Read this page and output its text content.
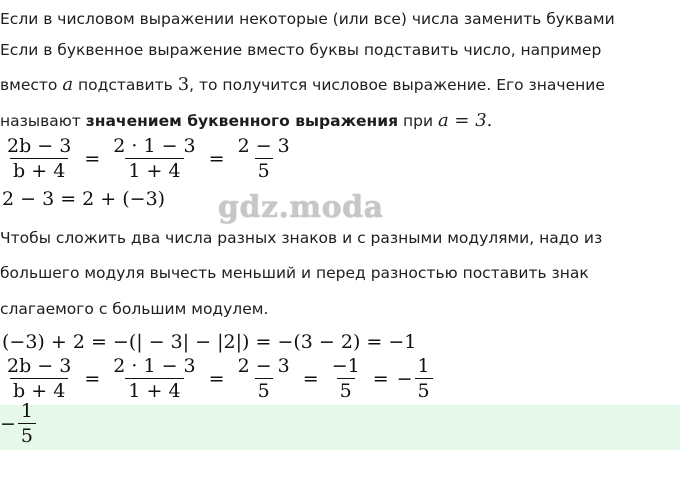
Если в числовом выражении некоторые (или все) числа заменить буквами
Если в буквенное выражение вместо буквы подставить число, например
вместо a подставить 3, то получится числовое выражение. Его значение
называют значением буквенного выражения при a = 3.
$\frac{2b - 3}{b + 4} = \frac{2 \cdot 1 - 3}{1 + 4} = \frac{2 - 3}{5}$
2 − 3 = 2 + (−3) gdz.moda
Чтобы сложить два числа разных знаков и с разными модулями, надо из
большего модуля вычесть меньший и перед разностью поставить знак
слагаемого с большим модулем.
(−3) + 2 = −(| − 3| − |2|) = −(3 − 2) = −1
$\frac{2b - 3}{b + 4} = \frac{2 \cdot 1 - 3}{1 + 4} = \frac{2 - 3}{5} = \frac{-1}{5}$ = − $\frac{1}{5}$
− $\frac{1}{5}$
